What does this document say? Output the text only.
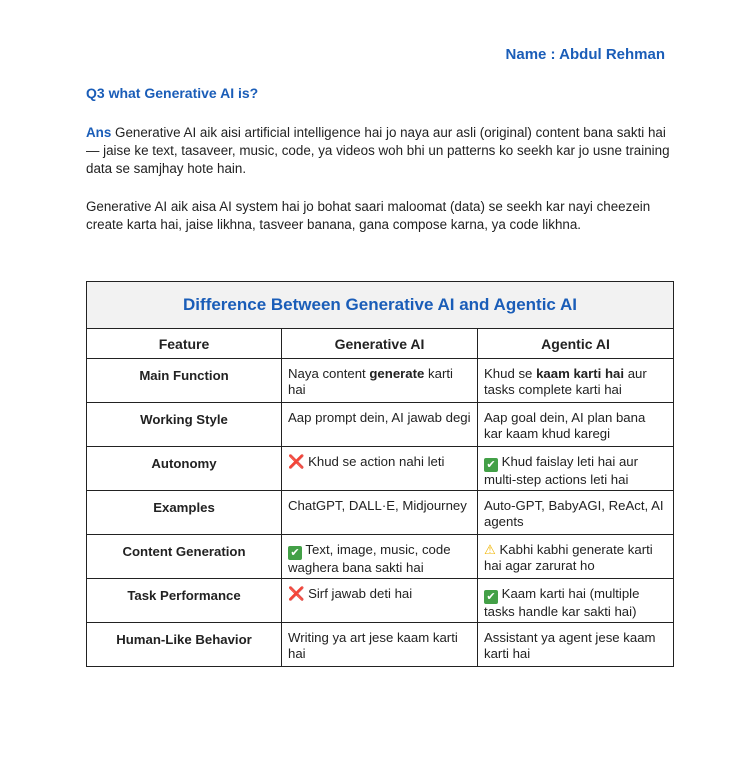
Name : Abdul Rehman
Q3 what Generative AI is?
Ans Generative AI aik aisi artificial intelligence hai jo naya aur asli (original) content bana sakti hai — jaise ke text, tasaveer, music, code, ya videos woh bhi un patterns ko seekh kar jo usne training data se samjhay hote hain.
Generative AI aik aisa AI system hai jo bohat saari maloomat (data) se seekh kar nayi cheezein create karta hai, jaise likhna, tasveer banana, gana compose karna, ya code likhna.
Difference Between Generative AI and Agentic AI		
Feature	Generative AI	Agentic AI
Main Function	Naya content generate karti hai	Khud se kaam karti hai aur tasks complete karti hai
Working Style	Aap prompt dein, AI jawab degi	Aap goal dein, AI plan bana kar kaam khud karegi
Autonomy	❌ Khud se action nahi leti	✔ Khud faislay leti hai aur multi-step actions leti hai
Examples	ChatGPT, DALL·E, Midjourney	Auto-GPT, BabyAGI, ReAct, AI agents
Content Generation	✔ Text, image, music, code waghera bana sakti hai	⚠ Kabhi kabhi generate karti hai agar zarurat ho
Task Performance	❌ Sirf jawab deti hai	✔ Kaam karti hai (multiple tasks handle kar sakti hai)
Human-Like Behavior	Writing ya art jese kaam karti hai	Assistant ya agent jese kaam karti hai
